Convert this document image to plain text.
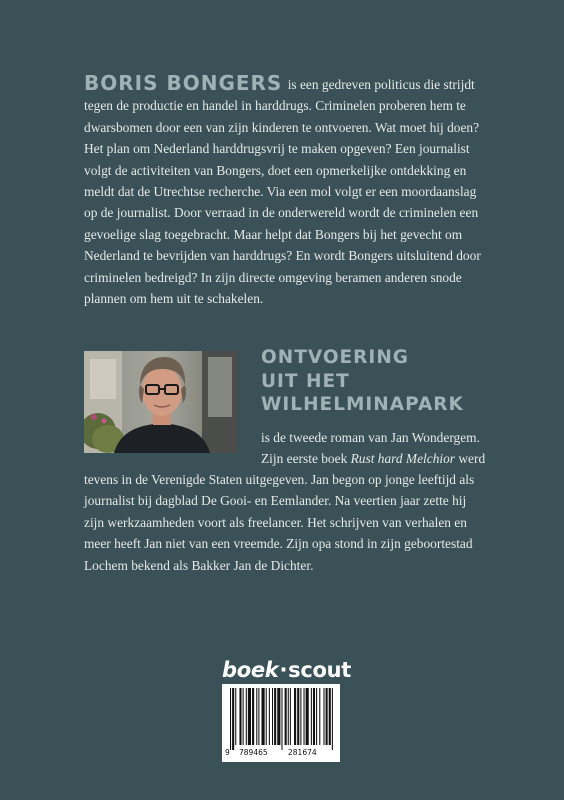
BORIS BONGERS is een gedreven politicus die strijdt tegen de productie en handel in harddrugs. Criminelen proberen hem te dwarsbomen door een van zijn kinderen te ontvoeren. Wat moet hij doen? Het plan om Nederland harddrugsvrij te maken opgeven? Een journalist volgt de activiteiten van Bongers, doet een opmerkelijke ontdekking en meldt dat de Utrechtse recherche. Via een mol volgt er een moordaanslag op de journalist. Door verraad in de onderwereld wordt de criminelen een gevoelige slag toegebracht. Maar helpt dat Bongers bij het gevecht om Nederland te bevrijden van harddrugs? En wordt Bongers uitsluitend door criminelen bedreigd? In zijn directe omgeving beramen anderen snode plannen om hem uit te schakelen.

ONTVOERING
UIT HET
WILHELMINAPARK

is de tweede roman van Jan Wondergem.
Zijn eerste boek Rust hard Melchior werd

tevens in de Verenigde Staten uitgegeven. Jan begon op jonge leeftijd als journalist bij dagblad De Gooi- en Eemlander. Na veertien jaar zette hij zijn werkzaamheden voort als freelancer. Het schrijven van verhalen en meer heeft Jan niet van een vreemde. Zijn opa stond in zijn geboortestad Lochem bekend als Bakker Jan de Dichter.

boek·scout
9 789465	281674
